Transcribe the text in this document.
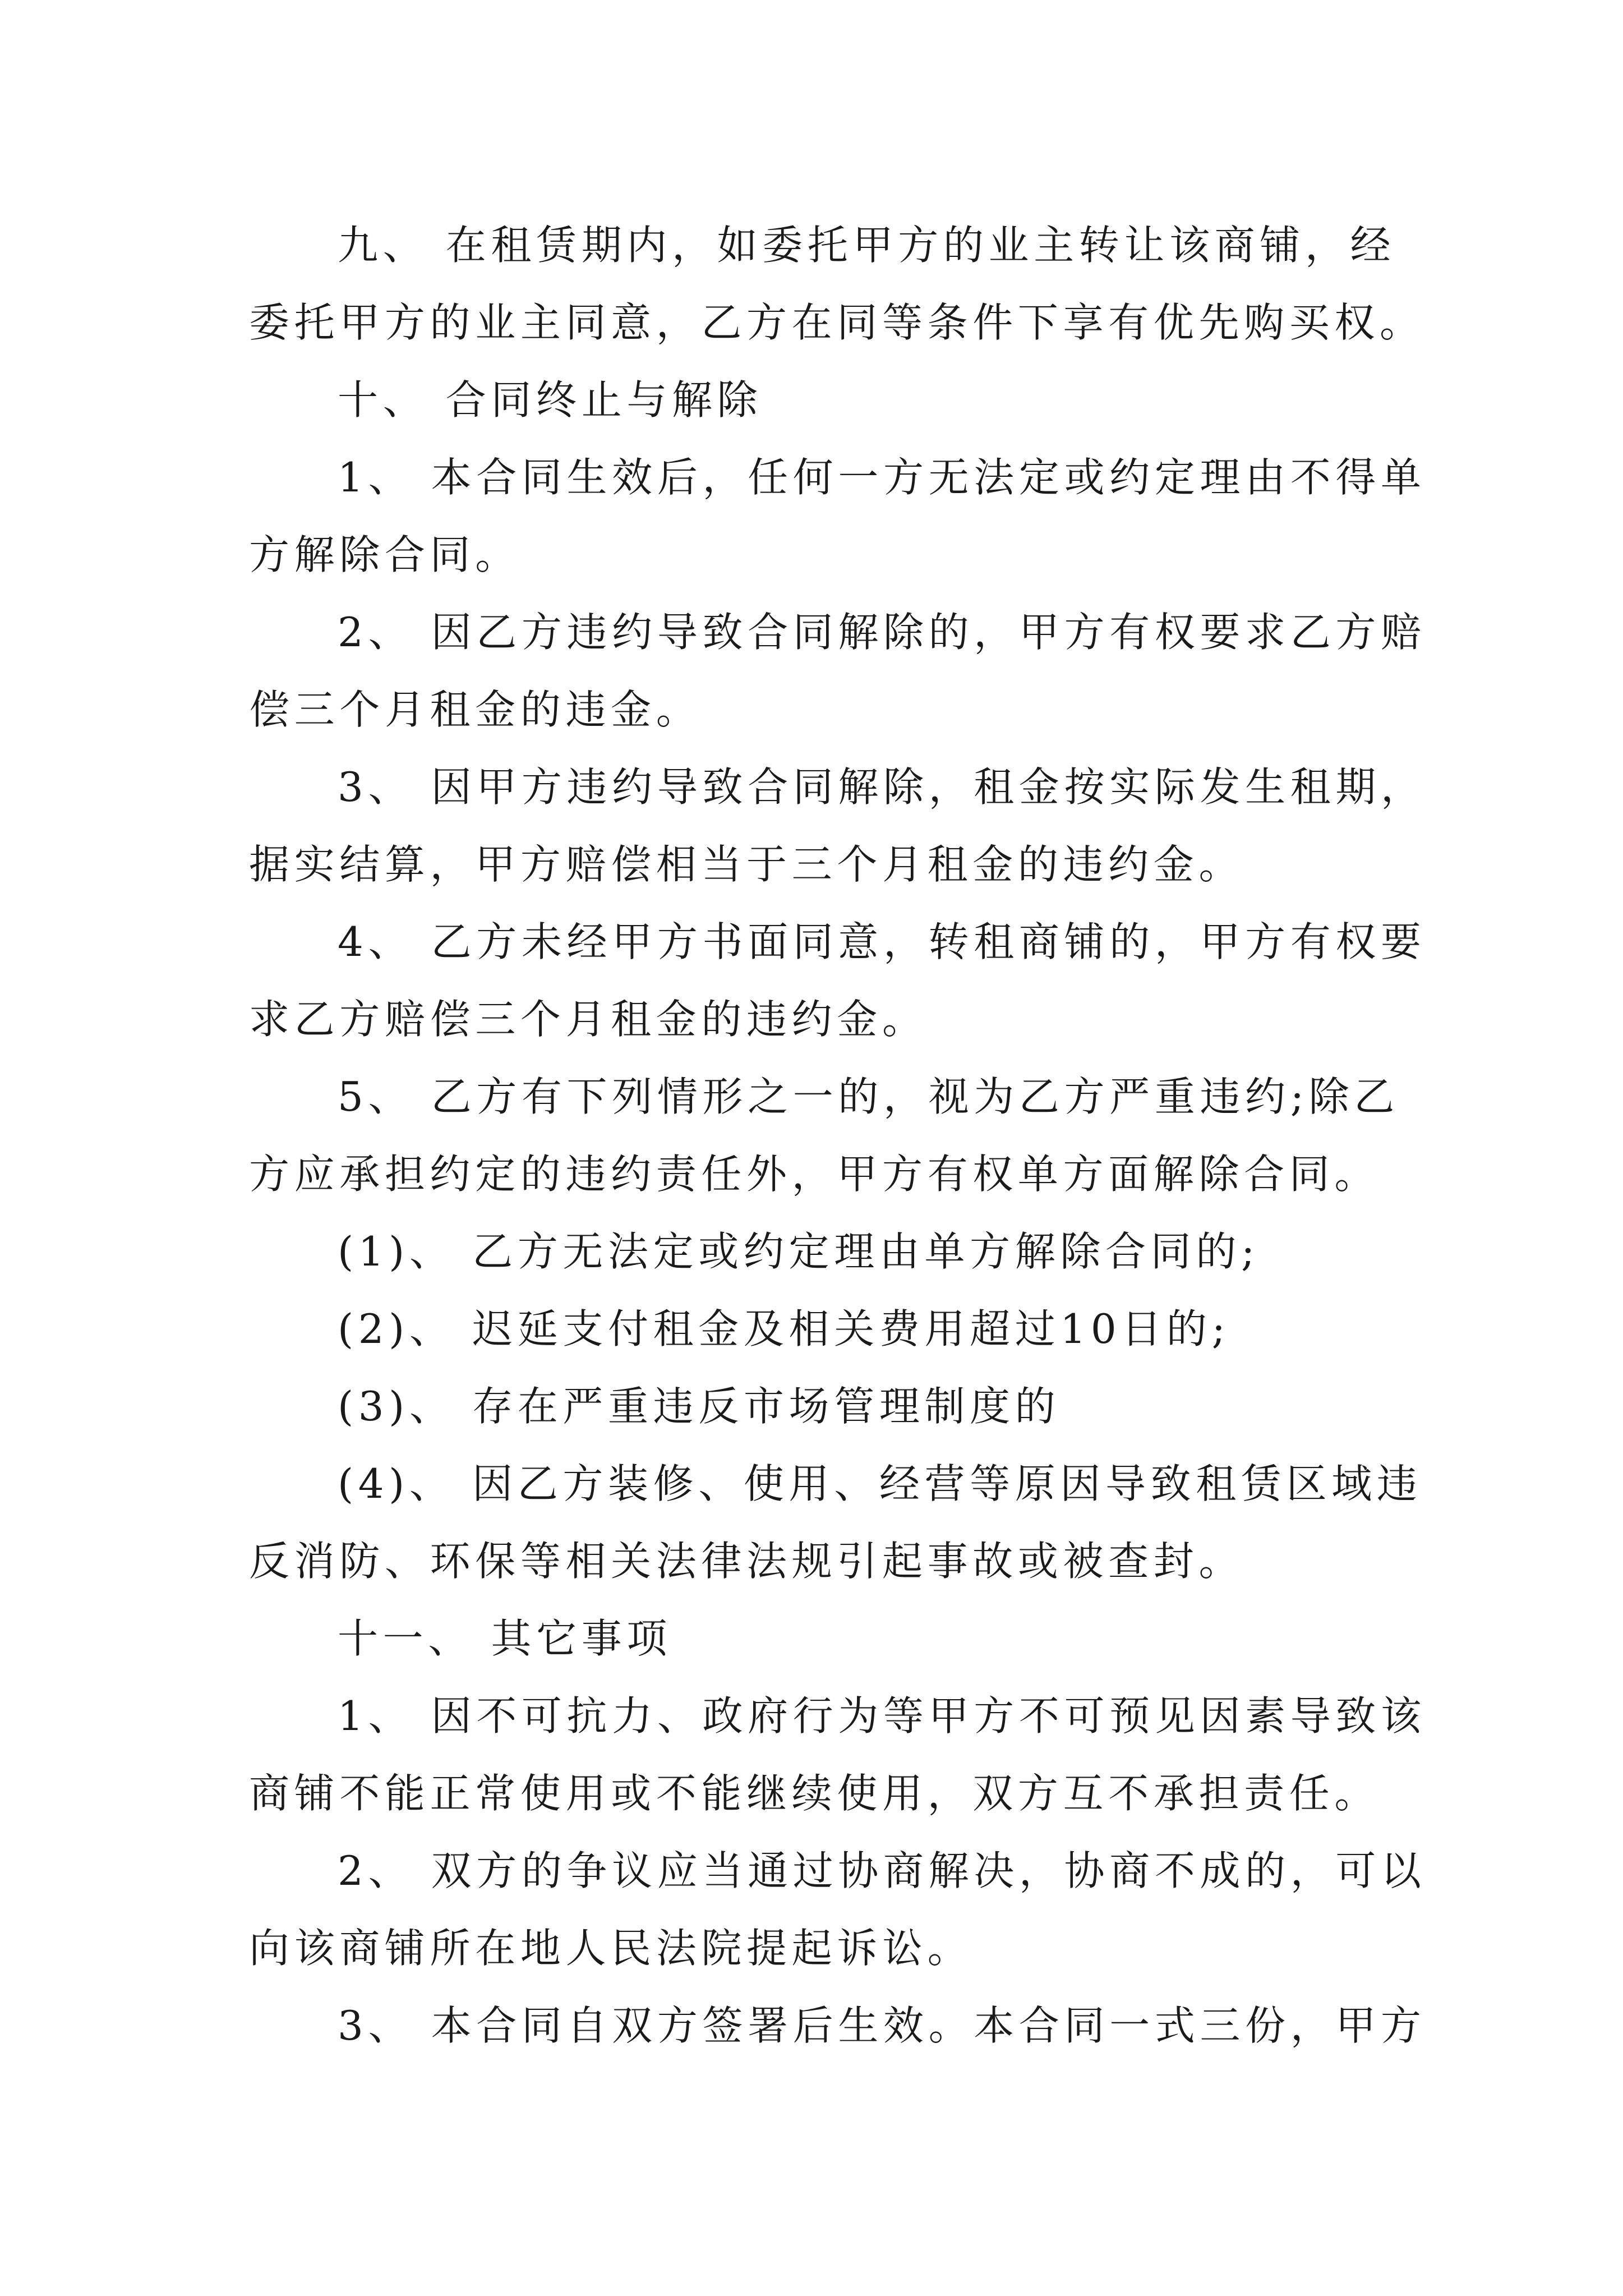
九、 在租赁期内，如委托甲方的业主转让该商铺，经
委托甲方的业主同意，乙方在同等条件下享有优先购买权。
十、 合同终止与解除
1、 本合同生效后，任何一方无法定或约定理由不得单
方解除合同。
2、 因乙方违约导致合同解除的，甲方有权要求乙方赔
偿三个月租金的违金。
3、 因甲方违约导致合同解除，租金按实际发生租期，
据实结算，甲方赔偿相当于三个月租金的违约金。
4、 乙方未经甲方书面同意，转租商铺的，甲方有权要
求乙方赔偿三个月租金的违约金。
5、 乙方有下列情形之一的，视为乙方严重违约;除乙
方应承担约定的违约责任外，甲方有权单方面解除合同。
(1)、 乙方无法定或约定理由单方解除合同的;
(2)、 迟延支付租金及相关费用超过10日的;
(3)、 存在严重违反市场管理制度的
(4)、 因乙方装修、使用、经营等原因导致租赁区域违
反消防、环保等相关法律法规引起事故或被查封。
十一、 其它事项
1、 因不可抗力、政府行为等甲方不可预见因素导致该
商铺不能正常使用或不能继续使用，双方互不承担责任。
2、 双方的争议应当通过协商解决，协商不成的，可以
向该商铺所在地人民法院提起诉讼。
3、 本合同自双方签署后生效。本合同一式三份，甲方
